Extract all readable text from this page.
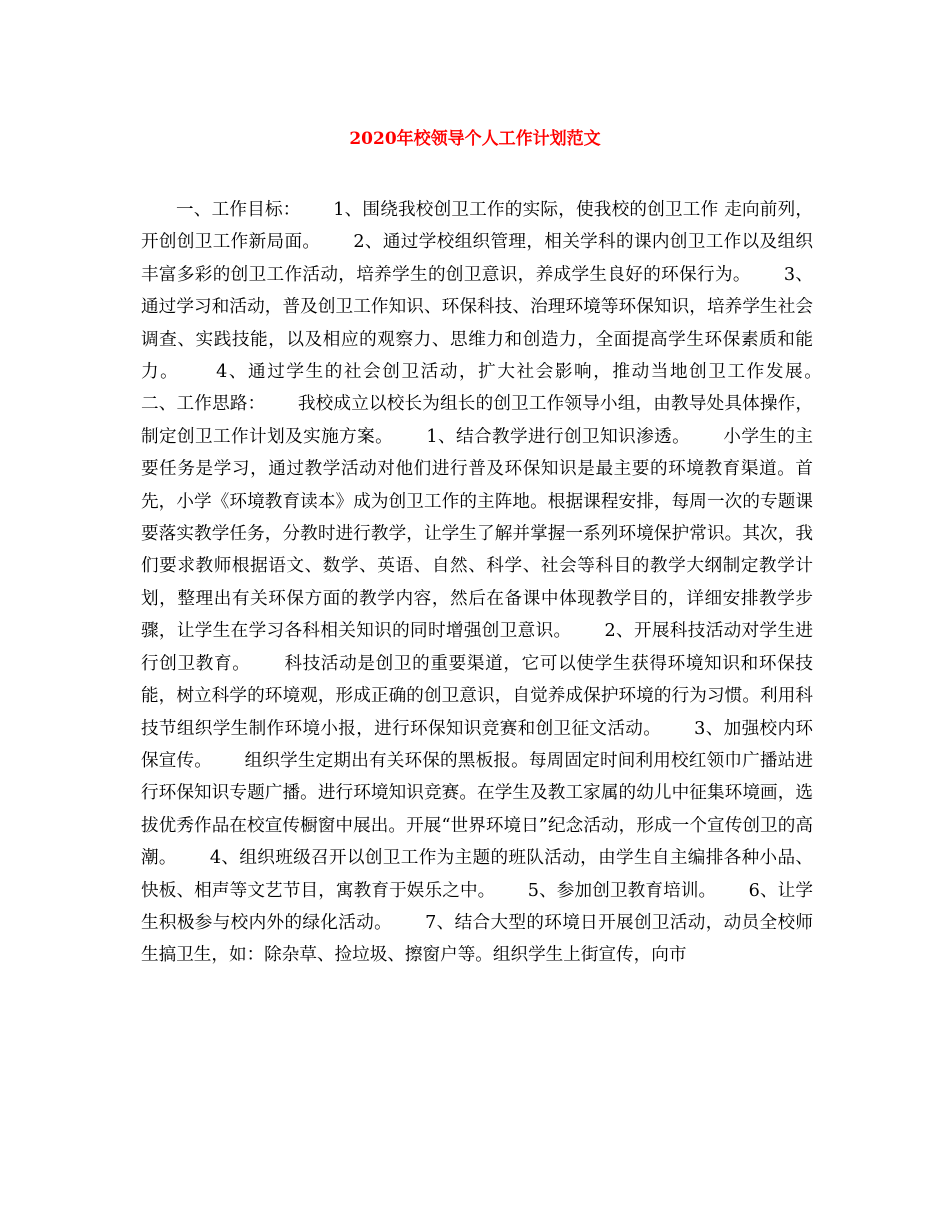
2020年校领导个人工作计划范文

一、工作目标：　　 1、围绕我校创卫工作的实际，使我校的创卫工作 走向前列，开创创卫工作新局面。　　 2、通过学校组织管理，相关学科的课内创卫工作以及组织丰富多彩的创卫工作活动，培养学生的创卫意识，养成学生良好的环保行为。　　 3、通过学习和活动，普及创卫工作知识、环保科技、治理环境等环保知识，培养学生社会调查、实践技能，以及相应的观察力、思维力和创造力，全面提高学生环保素质和能力。　　 4、通过学生的社会创卫活动，扩大社会影响，推动当地创卫工作发展。　　 二、工作思路：　　 我校成立以校长为组长的创卫工作领导小组，由教导处具体操作，制定创卫工作计划及实施方案。　　 1、结合教学进行创卫知识渗透。　　 小学生的主要任务是学习，通过教学活动对他们进行普及环保知识是最主要的环境教育渠道。首先，小学《环境教育读本》成为创卫工作的主阵地。根据课程安排，每周一次的专题课要落实教学任务，分教时进行教学，让学生了解并掌握一系列环境保护常识。其次，我们要求教师根据语文、数学、英语、自然、科学、社会等科目的教学大纲制定教学计划，整理出有关环保方面的教学内容，然后在备课中体现教学目的，详细安排教学步骤，让学生在学习各科相关知识的同时增强创卫意识。　　 2、开展科技活动对学生进行创卫教育。　　 科技活动是创卫的重要渠道，它可以使学生获得环境知识和环保技能，树立科学的环境观，形成正确的创卫意识，自觉养成保护环境的行为习惯。利用科技节组织学生制作环境小报，进行环保知识竞赛和创卫征文活动。　　 3、加强校内环保宣传。　　 组织学生定期出有关环保的黑板报。每周固定时间利用校红领巾广播站进行环保知识专题广播。进行环境知识竞赛。在学生及教工家属的幼儿中征集环境画，选拔优秀作品在校宣传橱窗中展出。开展“世界环境日”纪念活动，形成一个宣传创卫的高潮。　　 4、组织班级召开以创卫工作为主题的班队活动，由学生自主编排各种小品、快板、相声等文艺节目，寓教育于娱乐之中。　　 5、参加创卫教育培训。　　 6、让学生积极参与校内外的绿化活动。　　 7、结合大型的环境日开展创卫活动，动员全校师生搞卫生，如：除杂草、捡垃圾、擦窗户等。组织学生上街宣传，向市
